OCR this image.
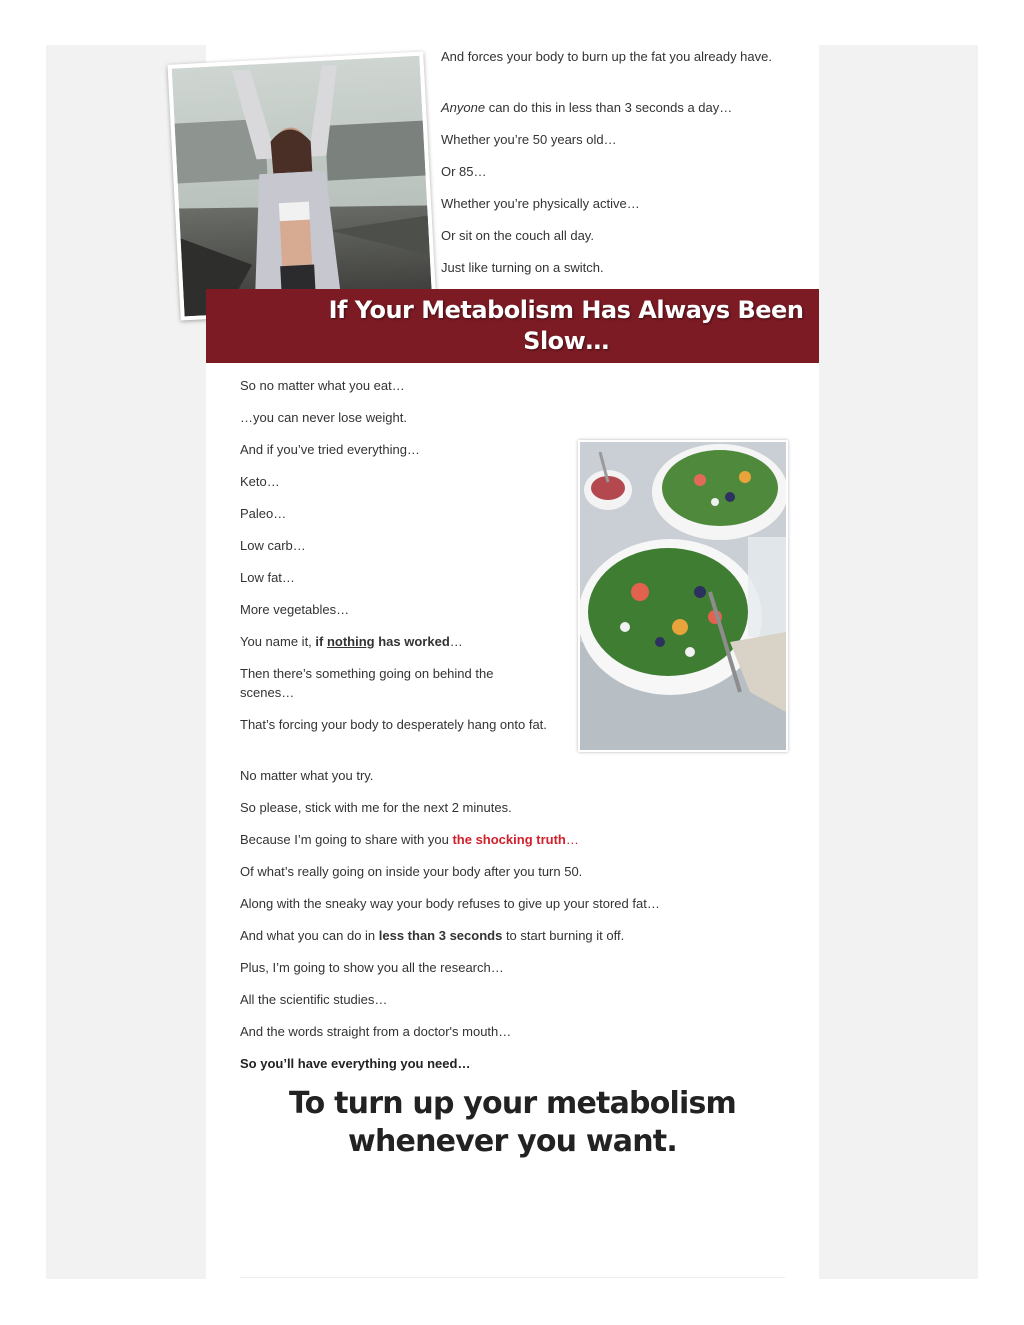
And forces your body to burn up the fat you already have.

Anyone can do this in less than 3 seconds a day…

Whether you’re 50 years old…

Or 85…

Whether you’re physically active…

Or sit on the couch all day.

Just like turning on a switch.

If Your Metabolism Has Always Been Slow…

So no matter what you eat…

…you can never lose weight.

And if you’ve tried everything…

Keto…

Paleo…

Low carb…

Low fat…

More vegetables…

You name it, if nothing has worked…

Then there’s something going on behind the scenes…

That’s forcing your body to desperately hang onto fat.

No matter what you try.

So please, stick with me for the next 2 minutes.

Because I’m going to share with you the shocking truth…

Of what’s really going on inside your body after you turn 50.

Along with the sneaky way your body refuses to give up your stored fat…

And what you can do in less than 3 seconds to start burning it off.

Plus, I’m going to show you all the research…

All the scientific studies…

And the words straight from a doctor's mouth…

So you’ll have everything you need…

To turn up your metabolism
whenever you want.
